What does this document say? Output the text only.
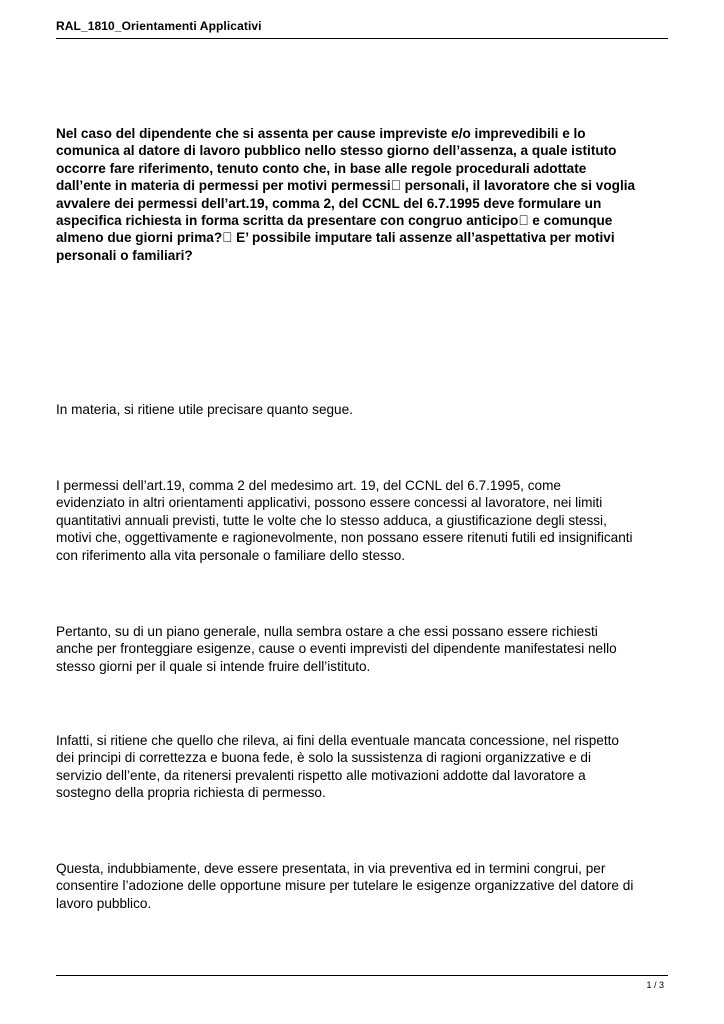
RAL_1810_Orientamenti Applicativi

Nel caso del dipendente che si assenta per cause impreviste e/o imprevedibili e lo
comunica al datore di lavoro pubblico nello stesso giorno dell’assenza, a quale istituto
occorre fare riferimento, tenuto conto che, in base alle regole procedurali adottate
dall’ente in materia di permessi per motivi permessi  personali, il lavoratore che si voglia
avvalere dei permessi dell’art.19, comma 2, del CCNL del 6.7.1995 deve formulare un
aspecifica richiesta in forma scritta da presentare con congruo anticipo  e comunque
almeno due giorni prima?  E’ possibile imputare tali assenze all’aspettativa per motivi
personali o familiari?

In materia, si ritiene utile precisare quanto segue.

I permessi dell’art.19, comma 2 del medesimo art. 19, del CCNL del 6.7.1995, come
evidenziato in altri orientamenti applicativi, possono essere concessi al lavoratore, nei limiti
quantitativi annuali previsti, tutte le volte che lo stesso adduca, a giustificazione degli stessi,
motivi che, oggettivamente e ragionevolmente, non possano essere ritenuti futili ed insignificanti
con riferimento alla vita personale o familiare dello stesso.

Pertanto, su di un piano generale, nulla sembra ostare a che essi possano essere richiesti
anche per fronteggiare esigenze, cause o eventi imprevisti del dipendente manifestatesi nello
stesso giorni per il quale si intende fruire dell’istituto.

Infatti, si ritiene che quello che rileva, ai fini della eventuale mancata concessione, nel rispetto
dei principi di correttezza e buona fede, è solo la sussistenza di ragioni organizzative e di
servizio dell’ente, da ritenersi prevalenti rispetto alle motivazioni addotte dal lavoratore a
sostegno della propria richiesta di permesso.

Questa, indubbiamente, deve essere presentata, in via preventiva ed in termini congrui, per
consentire l’adozione delle opportune misure per tutelare le esigenze organizzative del datore di
lavoro pubblico.

1 / 3
